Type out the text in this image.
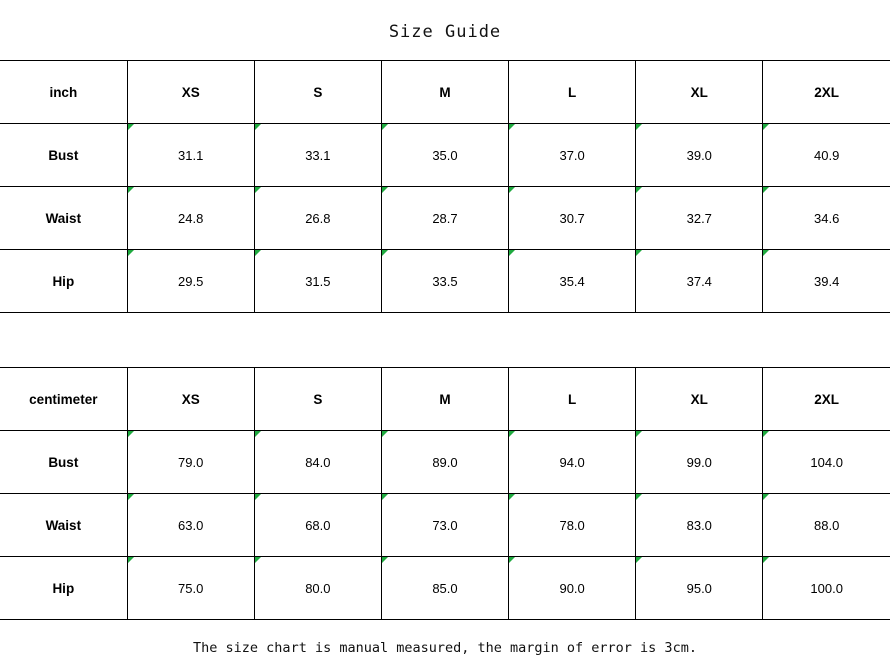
Size Guide
inch	XS	S	M	L	XL	2XL
Bust	31.1	33.1	35.0	37.0	39.0	40.9
Waist	24.8	26.8	28.7	30.7	32.7	34.6
Hip	29.5	31.5	33.5	35.4	37.4	39.4
centimeter	XS	S	M	L	XL	2XL
Bust	79.0	84.0	89.0	94.0	99.0	104.0
Waist	63.0	68.0	73.0	78.0	83.0	88.0
Hip	75.0	80.0	85.0	90.0	95.0	100.0
The size chart is manual measured, the margin of error is 3cm.
